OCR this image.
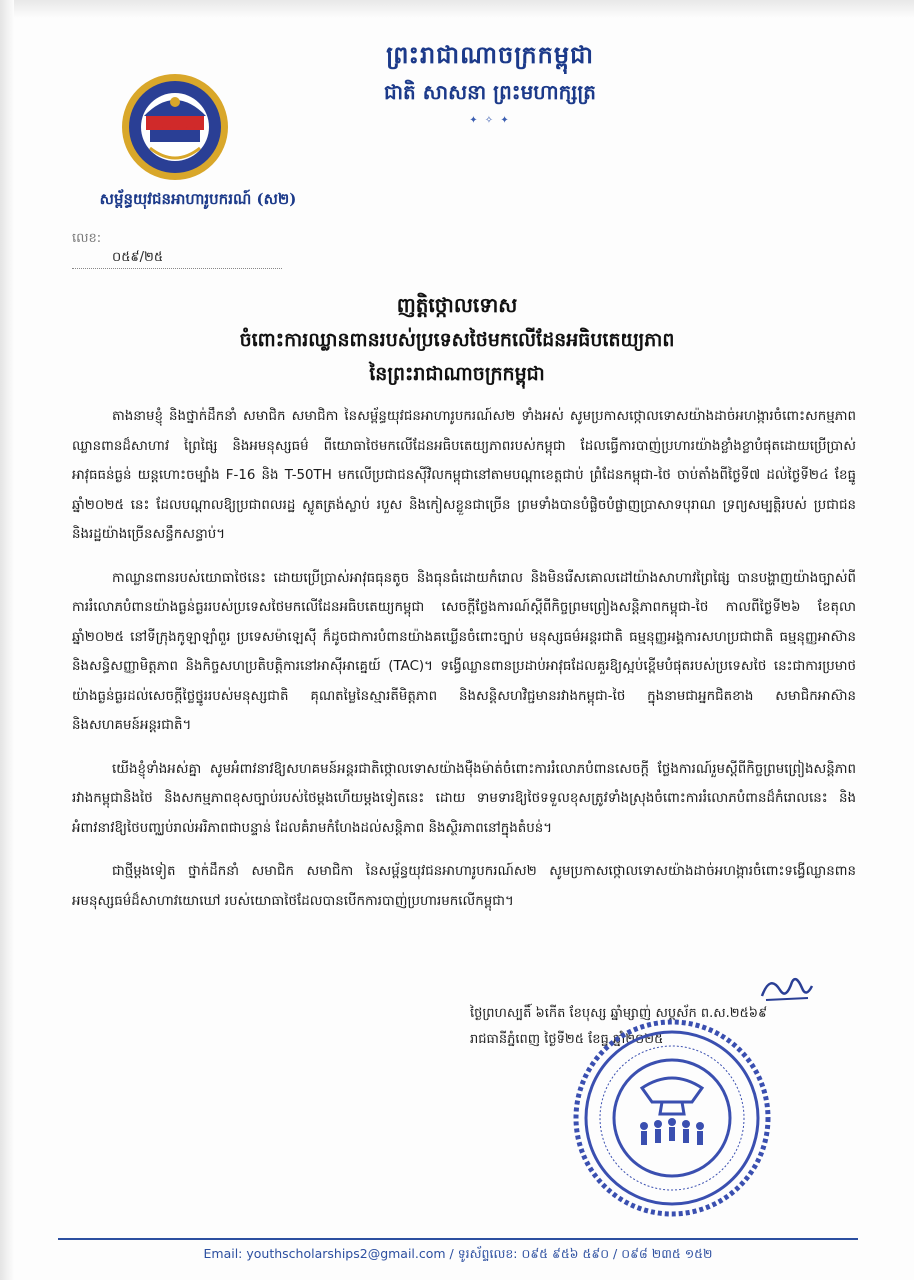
សម្ព័ន្ធយុវជនអាហារូបករណ៍ (ស២)
លេខ: ០៥៩/២៥
ព្រះរាជាណាចក្រកម្ពុជា
ជាតិ សាសនា ព្រះមហាក្សត្រ
✦ ✧ ✦
ញត្តិថ្កោលទោស
ចំពោះការឈ្លានពានរបស់ប្រទេសថៃមកលើដែនអធិបតេយ្យភាព
នៃព្រះរាជាណាចក្រកម្ពុជា

តាងនាមខ្ញុំ និងថ្នាក់ដឹកនាំ សមាជិក សមាជិកា នៃសម្ព័ន្ធយុវជនអាហារូបករណ៍ស២ ទាំងអស់ សូមប្រកាសថ្កោលទោសយ៉ាងដាច់អហង្ការចំពោះសកម្មភាពឈ្លានពានដ៏សាហាវ ព្រៃផ្សៃ និងអមនុស្សធម៌ ពីយោធាថៃមកលើដែនអធិបតេយ្យភាពរបស់កម្ពុជា ដែលធ្វើការបាញ់ប្រហារយ៉ាងខ្លាំងខ្លាបំផុតដោយប្រើប្រាស់ អាវុធធន់ធ្ងន់ យន្តហោះចម្បាំង F-16 និង T-50TH មកលើប្រជាជនស៊ីវិលកម្ពុជានៅតាមបណ្តាខេត្តជាប់ ព្រំដែនកម្ពុជា-ថៃ ចាប់តាំងពីថ្ងៃទី៧ ដល់ថ្ងៃទី២៤ ខែធ្នូ ឆ្នាំ២០២៥ នេះ ដែលបណ្តាលឱ្យប្រជាពលរដ្ឋ ស្លូតត្រង់ស្លាប់ របួស និងកៀសខ្លួនជាច្រើន ព្រមទាំងបានបំផ្លិចបំផ្លាញប្រាសាទបុរាណ ទ្រព្យសម្បត្តិរបស់ ប្រជាជន និងរដ្ឋយ៉ាងច្រើនសន្ធឹកសន្ធាប់។

កាឈ្លានពានរបស់យោធាថៃនេះ ដោយប្រើប្រាស់អាវុធធុនតូច និងធុនធំដោយកំរោល និងមិនរើសគោលដៅយ៉ាងសាហាវព្រៃផ្សៃ បានបង្ហាញយ៉ាងច្បាស់ពីការរំលោភបំពានយ៉ាងធ្ងន់ធ្ងររបស់ប្រទេសថៃមកលើដែនអធិបតេយ្យកម្ពុជា សេចក្តីថ្លែងការណ៍ស្តីពីកិច្ចព្រមព្រៀងសន្តិភាពកម្ពុជា-ថៃ កាលពីថ្ងៃទី២៦ ខែតុលា ឆ្នាំ២០២៥ នៅទីក្រុងកូឡាឡាំពួរ ប្រទេសម៉ាឡេស៊ី ក៏ដូចជាការបំពានយ៉ាងគឃ្លើនចំពោះច្បាប់ មនុស្សធម៌អន្តរជាតិ ធម្មនុញ្ញអង្គការសហប្រជាជាតិ ធម្មនុញ្ញអាស៊ាន និងសន្ធិសញ្ញាមិត្តភាព និងកិច្ចសហប្រតិបត្តិការនៅអាស៊ីអាគ្នេយ៍ (TAC)។ ទង្វើឈ្លានពានប្រដាប់អាវុធដែលគួរឱ្យស្អប់ខ្ពើមបំផុតរបស់ប្រទេសថៃ នេះជាការប្រមាថយ៉ាងធ្ងន់ធ្ងរដល់សេចក្តីថ្លៃថ្នូររបស់មនុស្សជាតិ គុណតម្លៃនៃស្មារតីមិត្តភាព និងសន្តិសហវិជ្ជមានរវាងកម្ពុជា-ថៃ ក្នុងនាមជាអ្នកជិតខាង សមាជិកអាស៊ាន និងសហគមន៍អន្តរជាតិ។

យើងខ្ញុំទាំងអស់គ្នា សូមអំពាវនាវឱ្យសហគមន៍អន្តរជាតិថ្កោលទោសយ៉ាងម៉ឺងម៉ាត់ចំពោះការរំលោភបំពានសេចក្តី ថ្លែងការណ៍រួមស្តីពីកិច្ចព្រមព្រៀងសន្តិភាពរវាងកម្ពុជានិងថៃ និងសកម្មភាពខុសច្បាប់របស់ថៃម្តងហើយម្តងទៀតនេះ ដោយ ទាមទារឱ្យថៃទទួលខុសត្រូវទាំងស្រុងចំពោះការរំលោភបំពានដ៏កំរោលនេះ និងអំពាវនាវឱ្យថៃបញ្ឈប់រាល់អរិភាពជាបន្ទាន់ ដែលគំរាមកំហែងដល់សន្តិភាព និងស្ថិរភាពនៅក្នុងតំបន់។

ជាថ្មីម្តងទៀត ថ្នាក់ដឹកនាំ សមាជិក សមាជិកា នៃសម្ព័ន្ធយុវជនអាហារូបករណ៍ស២ សូមប្រកាសថ្កោលទោសយ៉ាងដាច់អហង្ការចំពោះទង្វើឈ្លានពានអមនុស្សធម៌ដ៏សាហាវយោឃៅ របស់យោធាថៃដែលបានបើកការបាញ់ប្រហារមកលើកម្ពុជា។

ថ្ងៃព្រហស្បតិ៍ ៦កើត ខែបុស្ស ឆ្នាំម្សាញ់ សប្តស័ក ព.ស.២៥៦៩
រាជធានីភ្នំពេញ ថ្ងៃទី២៥ ខែធ្នូ ឆ្នាំ២០២៥
Email: youthscholarships2@gmail.com / ទូរស័ព្ទលេខ: ០៩៥ ៩៥៦ ៥៩០ / ០៩៨ ២៣៥ ១៥២
